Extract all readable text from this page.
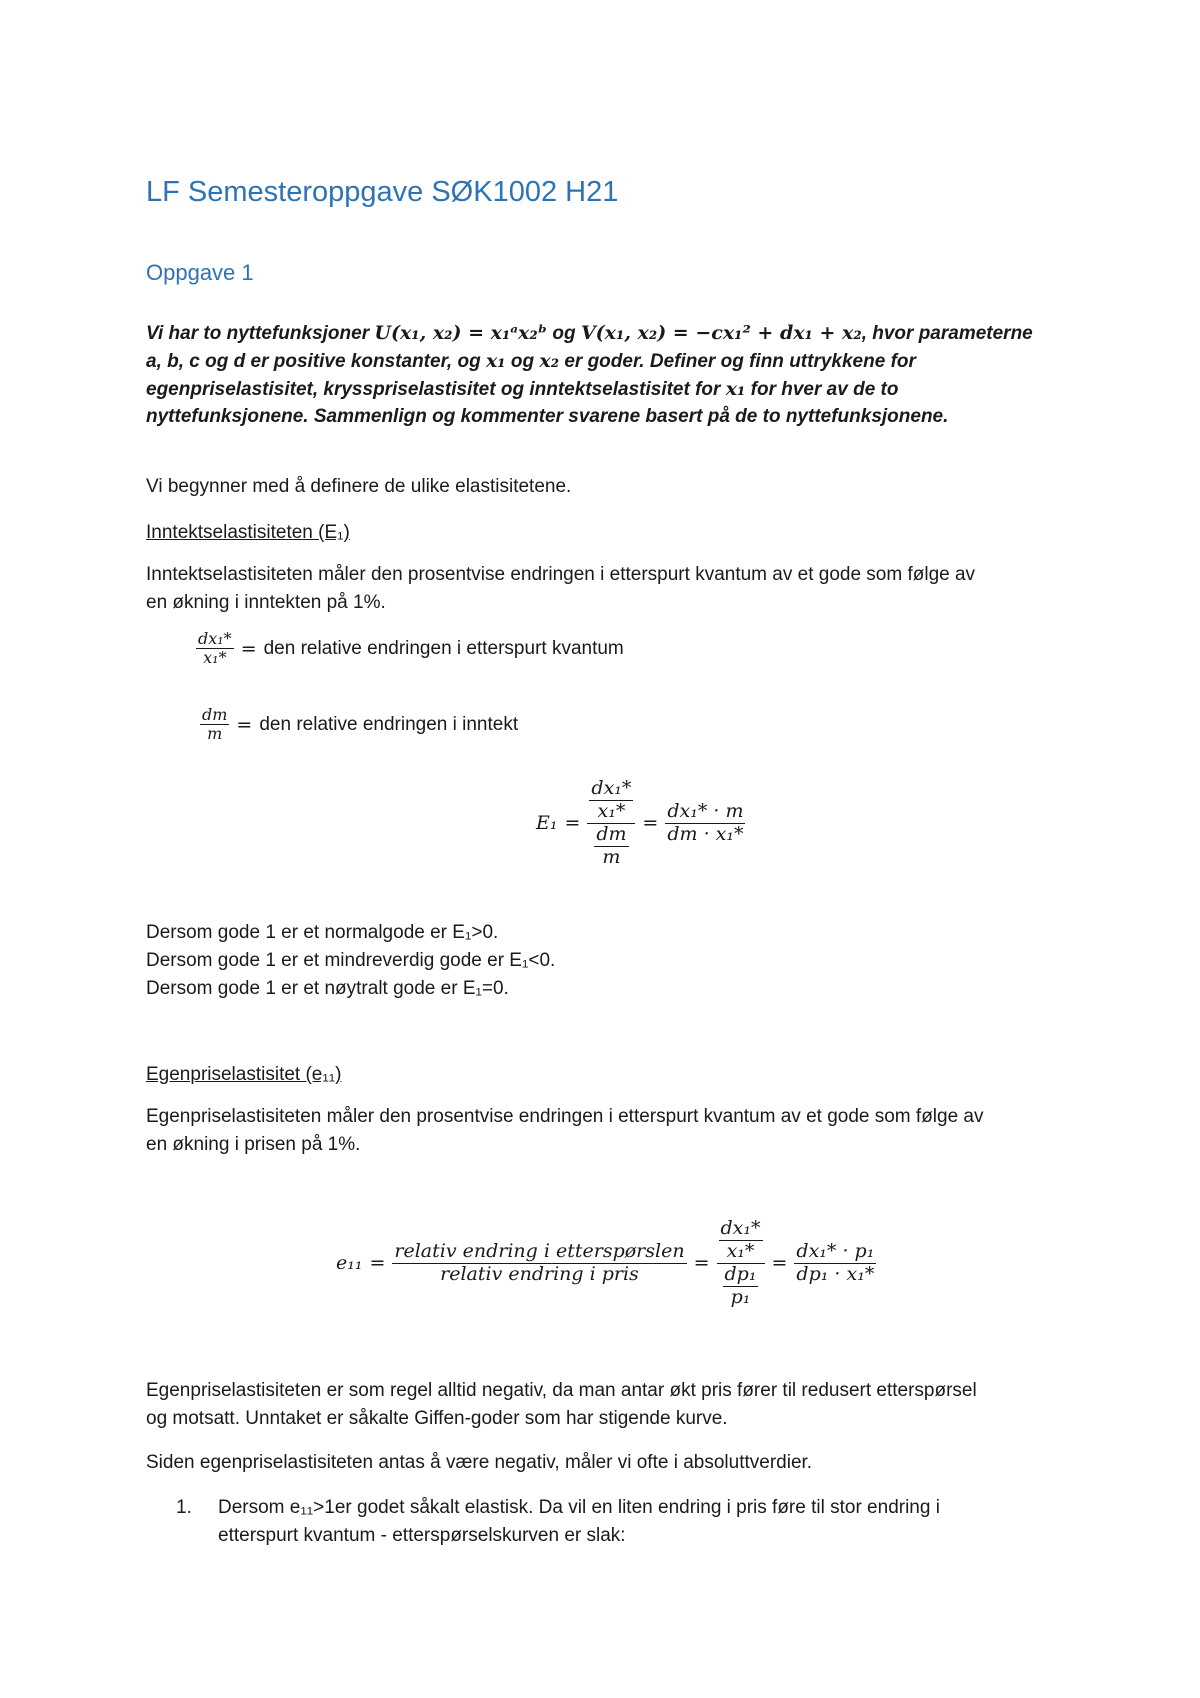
LF Semesteroppgave SØK1002 H21
Oppgave 1
Vi har to nyttefunksjoner U(x₁, x₂) = x₁ᵃx₂ᵇ og V(x₁, x₂) = −cx₁² + dx₁ + x₂, hvor parameterne
a, b, c og d er positive konstanter, og x₁ og x₂ er goder. Definer og finn uttrykkene for
egenpriselastisitet, krysspriselastisitet og inntektselastisitet for x₁ for hver av de to
nyttefunksjonene. Sammenlign og kommenter svarene basert på de to nyttefunksjonene.
Vi begynner med å definere de ulike elastisitetene.
Inntektselastisiteten (E₁)
Inntektselastisiteten måler den prosentvise endringen i etterspurt kvantum av et gode som følge av
en økning i inntekten på 1%.
$\frac{\text{dx₁*}}{\text{x₁*}}$ = den relative endringen i etterspurt kvantum
$\frac{dm}{m}$ = den relative endringen i inntekt
$E_1 = \frac{\frac{\text{dx₁*}}{\text{x₁*}}}{\frac{dm}{m}} = \frac{\text{dx₁* · m}}{\text{dm · x₁*}}$
Dersom gode 1 er et normalgode er E₁>0.
Dersom gode 1 er et mindreverdig gode er E₁<0.
Dersom gode 1 er et nøytralt gode er E₁=0.
Egenpriselastisitet (e₁₁)
Egenpriselastisiteten måler den prosentvise endringen i etterspurt kvantum av et gode som følge av
en økning i prisen på 1%.
$e_{11} = \frac{\text{relativ endring i etterspørslen}}{\text{relativ endring i pris}} = \frac{\frac{\text{dx₁*}}{\text{x₁*}}}{\frac{\text{dp₁}}{\text{p₁}}} = \frac{\text{dx₁* · p₁}}{\text{dp₁ · x₁*}}$
Egenpriselastisiteten er som regel alltid negativ, da man antar økt pris fører til redusert etterspørsel
og motsatt. Unntaket er såkalte Giffen-goder som har stigende kurve.
Siden egenpriselastisiteten antas å være negativ, måler vi ofte i absoluttverdier.
1.	Dersom e₁₁>1er godet såkalt elastisk. Da vil en liten endring i pris føre til stor endring i
etterspurt kvantum - etterspørselskurven er slak:
